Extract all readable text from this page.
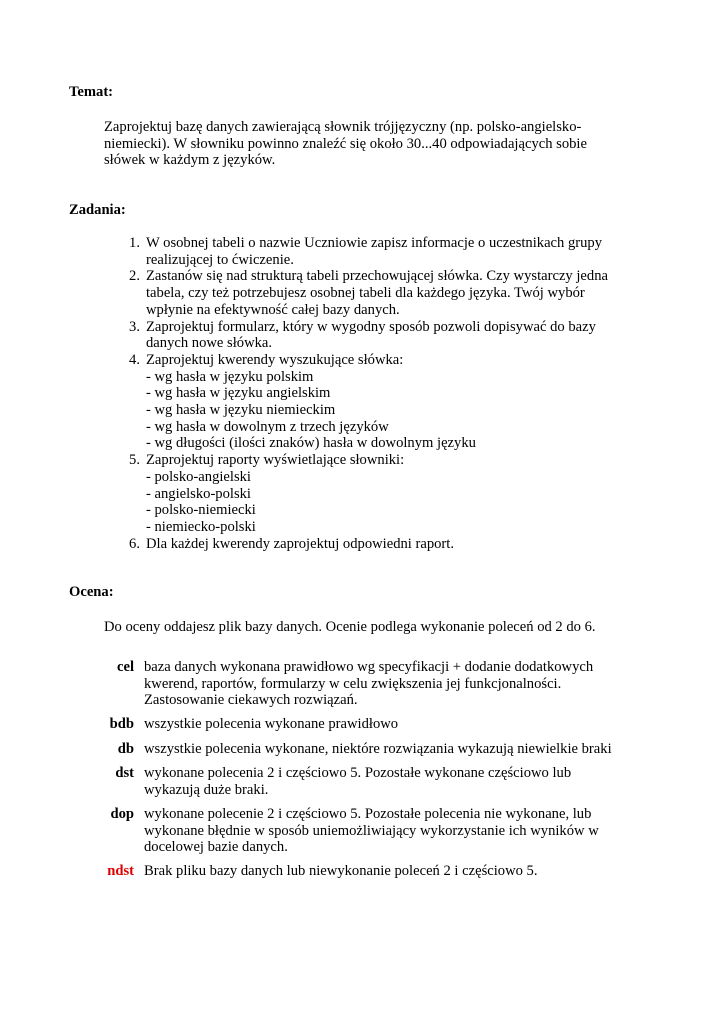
Temat:
Zaprojektuj bazę danych zawierającą słownik trójjęzyczny (np. polsko-angielsko-
niemiecki). W słowniku powinno znaleźć się około 30...40 odpowiadających sobie
słówek w każdym z języków.
Zadania:
1. W osobnej tabeli o nazwie Uczniowie zapisz informacje o uczestnikach grupy
realizującej to ćwiczenie.
2. Zastanów się nad strukturą tabeli przechowującej słówka. Czy wystarczy jedna
tabela, czy też potrzebujesz osobnej tabeli dla każdego języka. Twój wybór
wpłynie na efektywność całej bazy danych.
3. Zaprojektuj formularz, który w wygodny sposób pozwoli dopisywać do bazy
danych nowe słówka.
4. Zaprojektuj kwerendy wyszukujące słówka:
- wg hasła w języku polskim
- wg hasła w języku angielskim
- wg hasła w języku niemieckim
- wg hasła w dowolnym z trzech języków
- wg długości (ilości znaków) hasła w dowolnym języku
5. Zaprojektuj raporty wyświetlające słowniki:
- polsko-angielski
- angielsko-polski
- polsko-niemiecki
- niemiecko-polski
6. Dla każdej kwerendy zaprojektuj odpowiedni raport.
Ocena:
Do oceny oddajesz plik bazy danych. Ocenie podlega wykonanie poleceń od 2 do 6.
cel baza danych wykonana prawidłowo wg specyfikacji + dodanie dodatkowych
kwerend, raportów, formularzy w celu zwiększenia jej funkcjonalności.
Zastosowanie ciekawych rozwiązań.
bdb wszystkie polecenia wykonane prawidłowo
db wszystkie polecenia wykonane, niektóre rozwiązania wykazują niewielkie braki
dst wykonane polecenia 2 i częściowo 5. Pozostałe wykonane częściowo lub
wykazują duże braki.
dop wykonane polecenie 2 i częściowo 5. Pozostałe polecenia nie wykonane, lub
wykonane błędnie w sposób uniemożliwiający wykorzystanie ich wyników w
docelowej bazie danych.
ndst Brak pliku bazy danych lub niewykonanie poleceń 2 i częściowo 5.
